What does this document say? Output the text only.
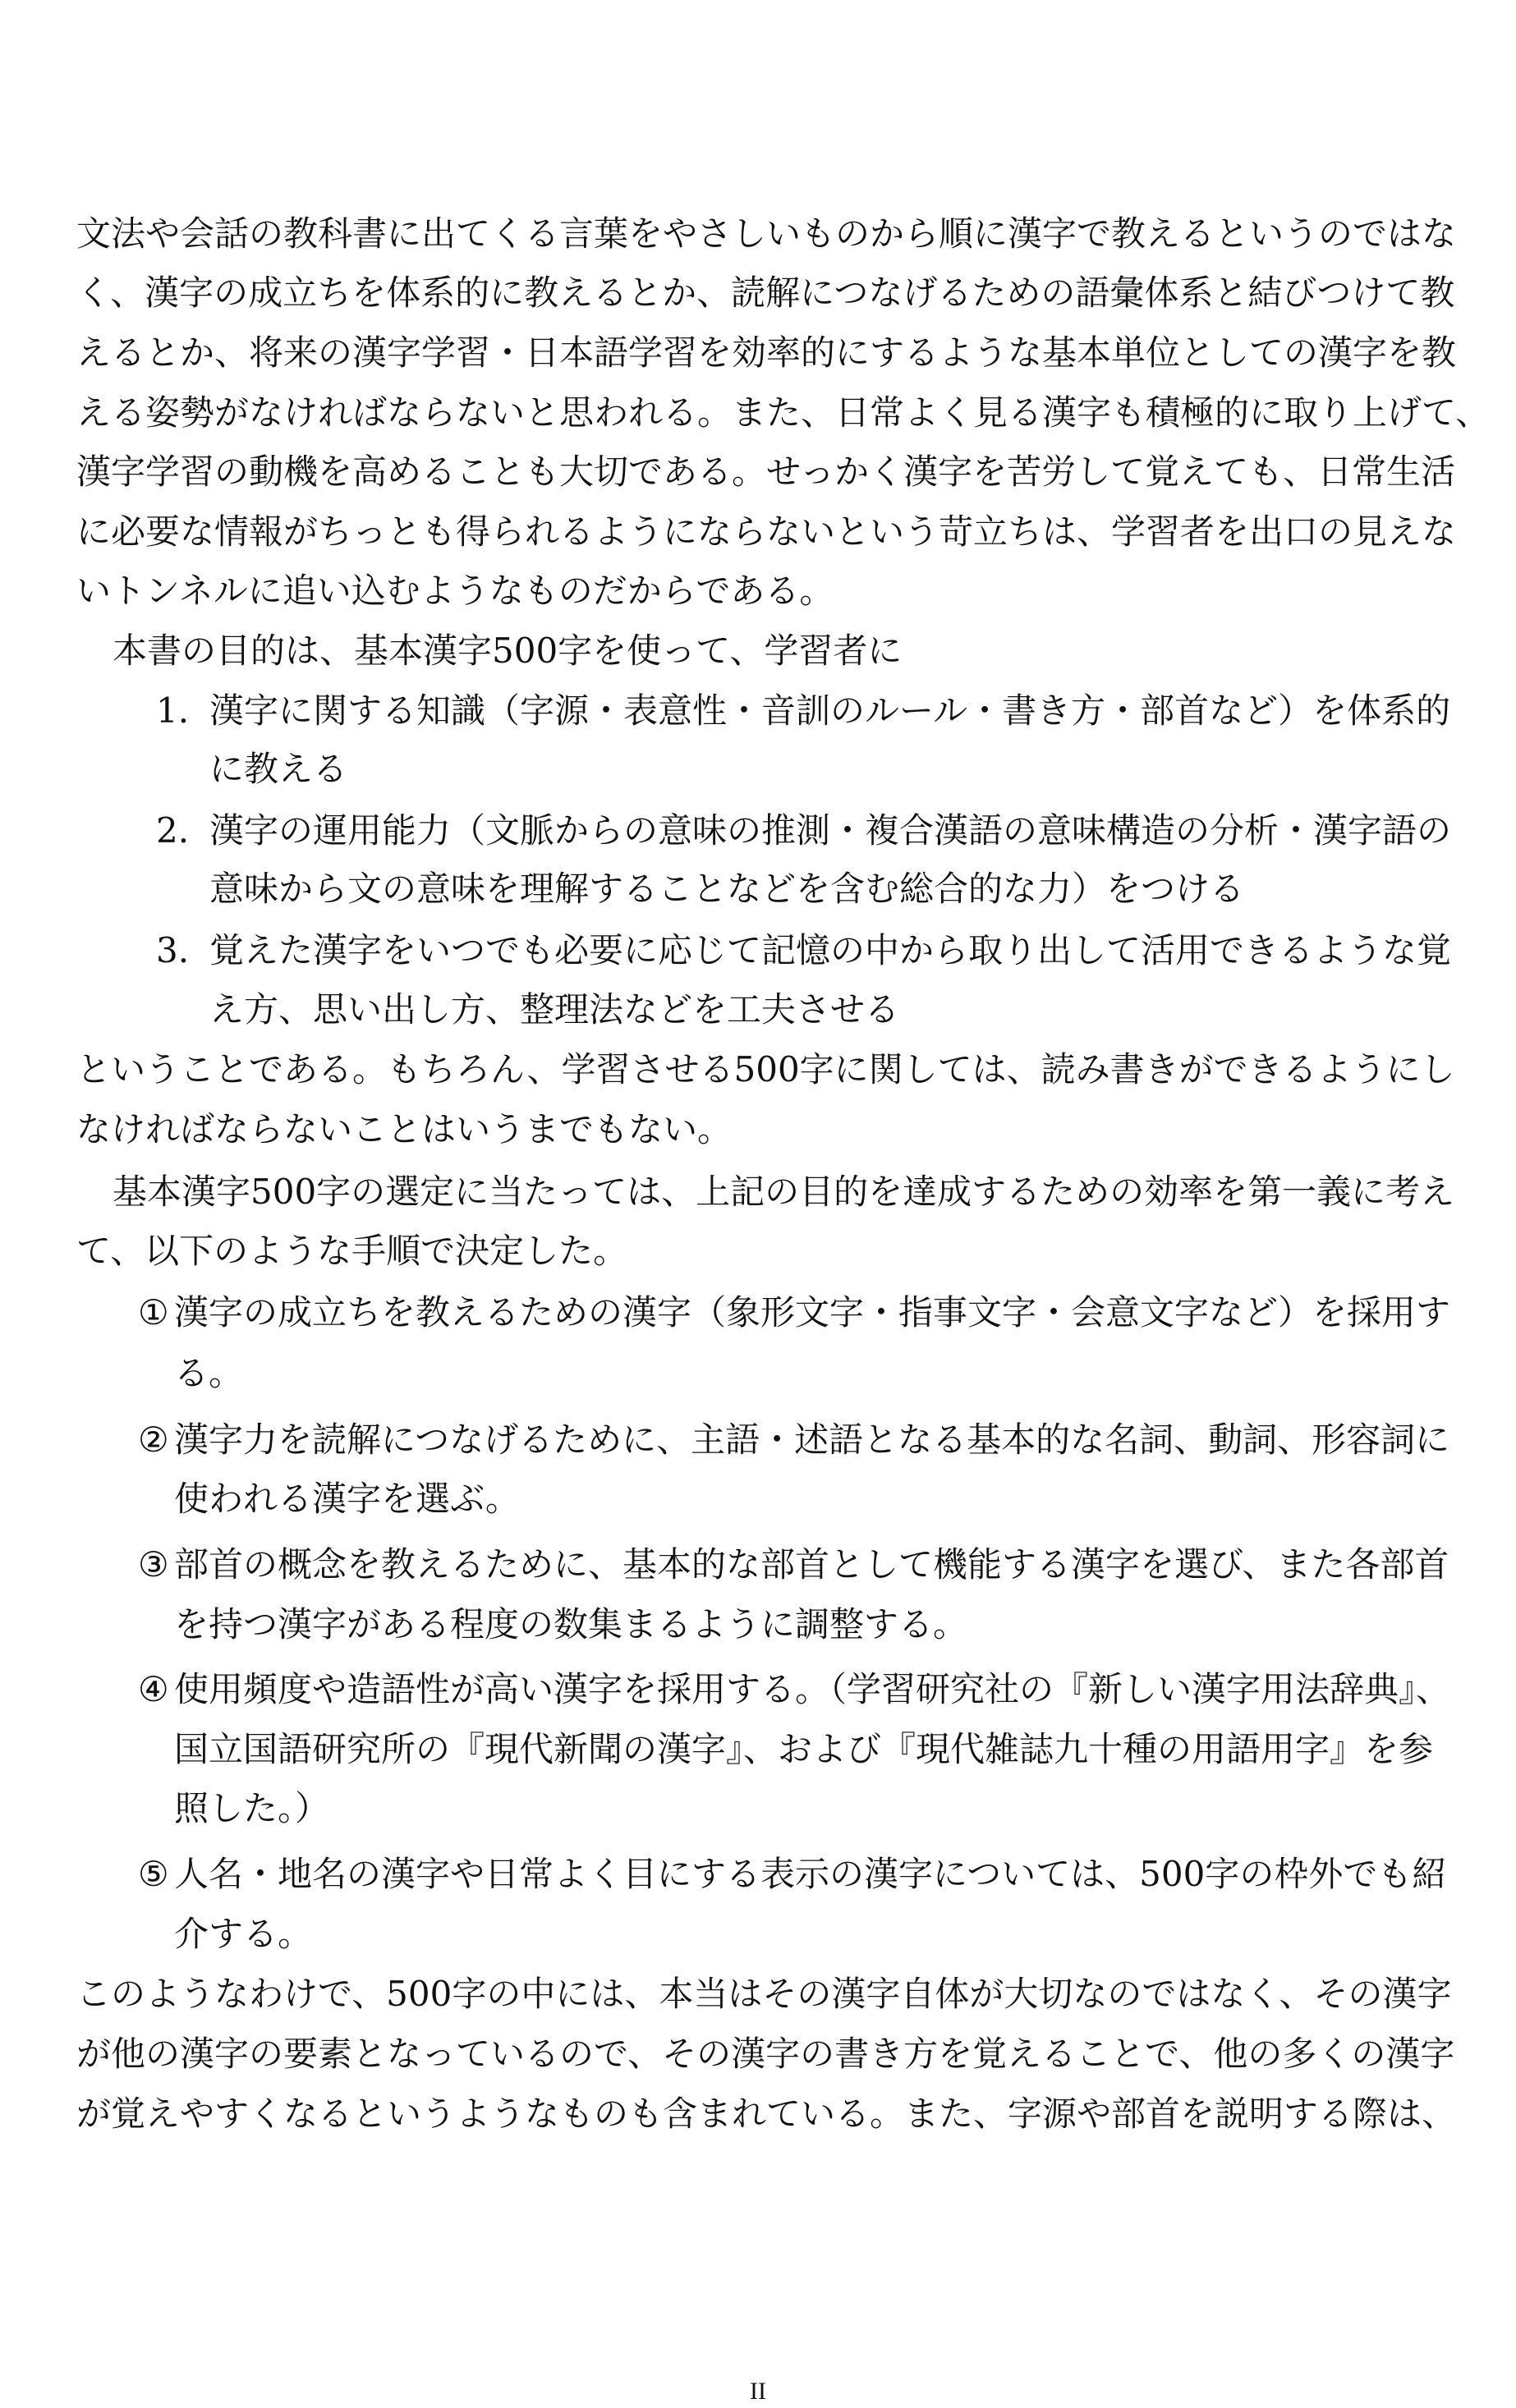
文法や会話の教科書に出てくる言葉をやさしいものから順に漢字で教えるというのではな
く、漢字の成立ちを体系的に教えるとか、読解につなげるための語彙体系と結びつけて教
えるとか、将来の漢字学習・日本語学習を効率的にするような基本単位としての漢字を教
える姿勢がなければならないと思われる。また、日常よく見る漢字も積極的に取り上げて、
漢字学習の動機を高めることも大切である。せっかく漢字を苦労して覚えても、日常生活
に必要な情報がちっとも得られるようにならないという苛立ちは、学習者を出口の見えな
いトンネルに追い込むようなものだからである。
本書の目的は、基本漢字500字を使って、学習者に
1. 漢字に関する知識（字源・表意性・音訓のルール・書き方・部首など）を体系的
に教える
2. 漢字の運用能力（文脈からの意味の推測・複合漢語の意味構造の分析・漢字語の
意味から文の意味を理解することなどを含む総合的な力）をつける
3. 覚えた漢字をいつでも必要に応じて記憶の中から取り出して活用できるような覚
え方、思い出し方、整理法などを工夫させる
ということである。もちろん、学習させる500字に関しては、読み書きができるようにし
なければならないことはいうまでもない。
基本漢字500字の選定に当たっては、上記の目的を達成するための効率を第一義に考え
て、以下のような手順で決定した。
① 漢字の成立ちを教えるための漢字（象形文字・指事文字・会意文字など）を採用す
る。
② 漢字力を読解につなげるために、主語・述語となる基本的な名詞、動詞、形容詞に
使われる漢字を選ぶ。
③ 部首の概念を教えるために、基本的な部首として機能する漢字を選び、また各部首
を持つ漢字がある程度の数集まるように調整する。
④ 使用頻度や造語性が高い漢字を採用する。（学習研究社の『新しい漢字用法辞典』、
国立国語研究所の『現代新聞の漢字』、および『現代雑誌九十種の用語用字』を参
照した。）
⑤ 人名・地名の漢字や日常よく目にする表示の漢字については、500字の枠外でも紹
介する。
このようなわけで、500字の中には、本当はその漢字自体が大切なのではなく、その漢字
が他の漢字の要素となっているので、その漢字の書き方を覚えることで、他の多くの漢字
が覚えやすくなるというようなものも含まれている。また、字源や部首を説明する際は、
II
